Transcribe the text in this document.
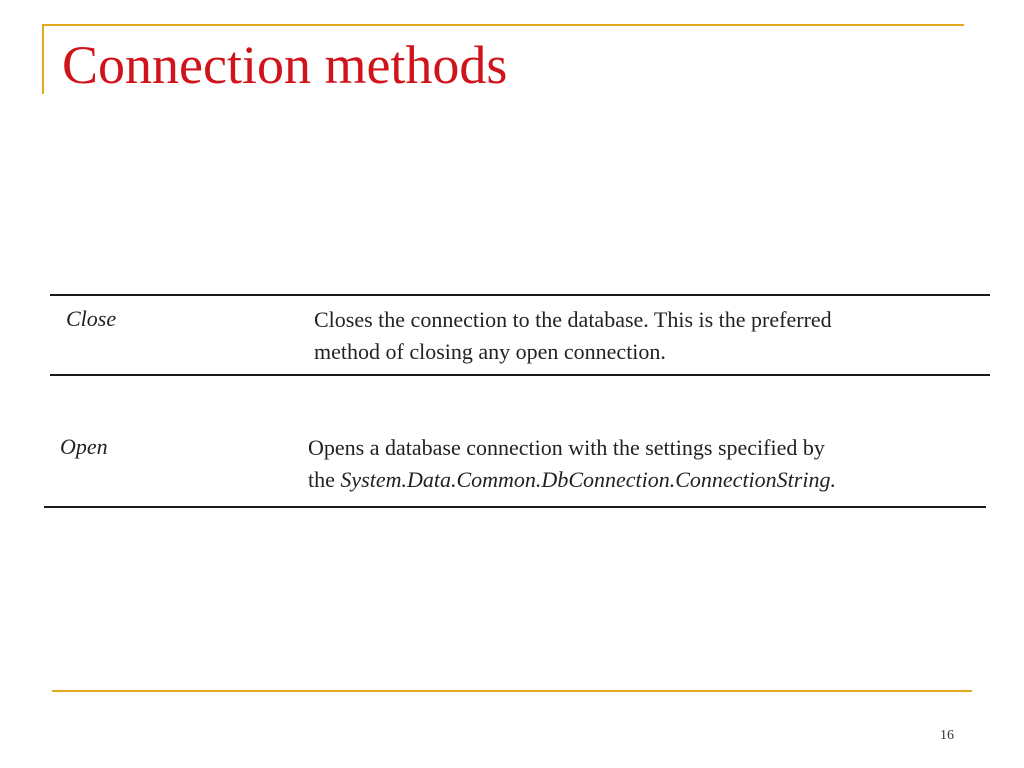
Connection methods
Close	Closes the connection to the database. This is the preferred
method of closing any open connection.
Open	Opens a database connection with the settings specified by
the System.Data.Common.DbConnection.ConnectionString.
16
